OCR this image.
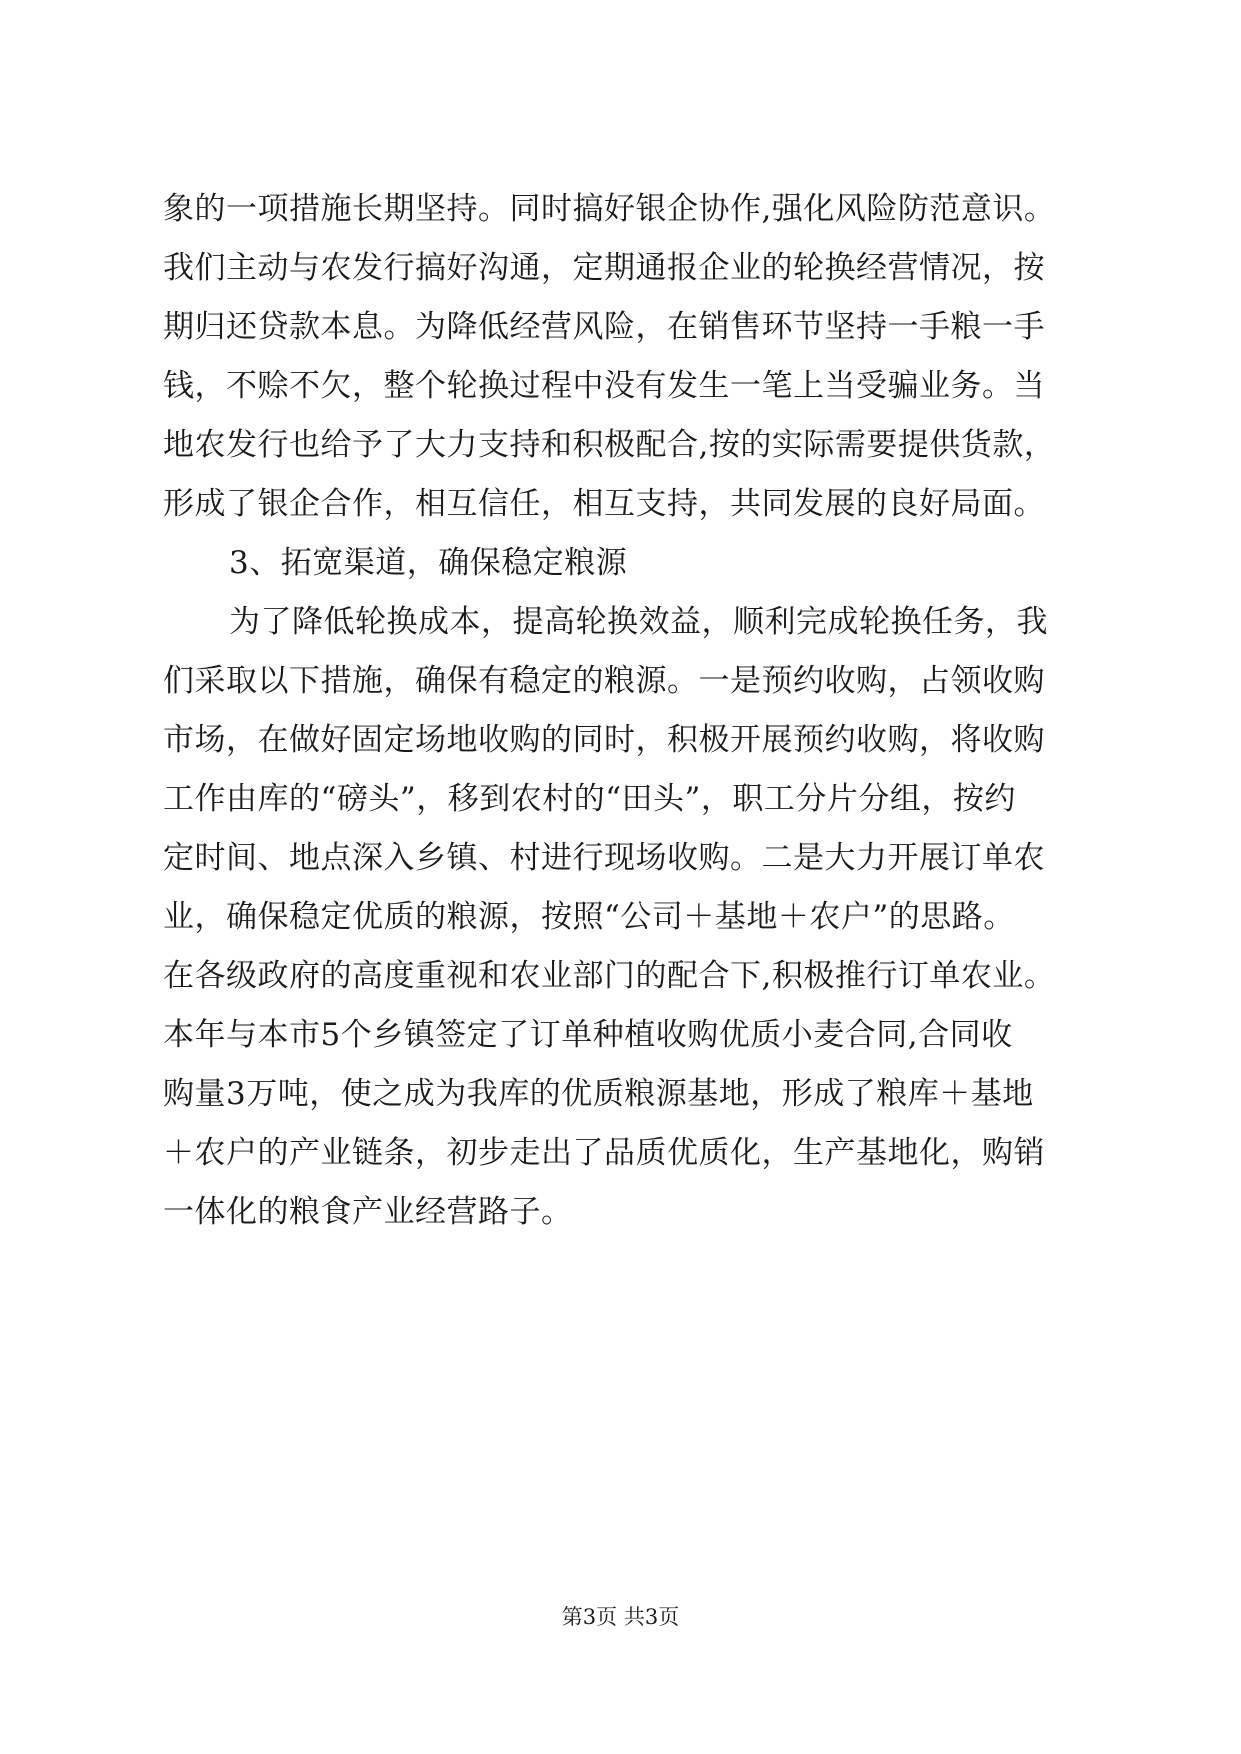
象的一项措施长期坚持。同时搞好银企协作,强化风险防范意识。
我们主动与农发行搞好沟通，定期通报企业的轮换经营情况，按
期归还贷款本息。为降低经营风险，在销售环节坚持一手粮一手
钱，不赊不欠，整个轮换过程中没有发生一笔上当受骗业务。当
地农发行也给予了大力支持和积极配合,按的实际需要提供货款，
形成了银企合作，相互信任，相互支持，共同发展的良好局面。
3、拓宽渠道，确保稳定粮源
为了降低轮换成本，提高轮换效益，顺利完成轮换任务，我
们采取以下措施，确保有稳定的粮源。一是预约收购，占领收购
市场，在做好固定场地收购的同时，积极开展预约收购，将收购
工作由库的“磅头”，移到农村的“田头”，职工分片分组，按约
定时间、地点深入乡镇、村进行现场收购。二是大力开展订单农
业，确保稳定优质的粮源，按照“公司＋基地＋农户”的思路。
在各级政府的高度重视和农业部门的配合下,积极推行订单农业。
本年与本市5个乡镇签定了订单种植收购优质小麦合同,合同收
购量3万吨，使之成为我库的优质粮源基地，形成了粮库＋基地
＋农户的产业链条，初步走出了品质优质化，生产基地化，购销
一体化的粮食产业经营路子。
第3页 共3页
